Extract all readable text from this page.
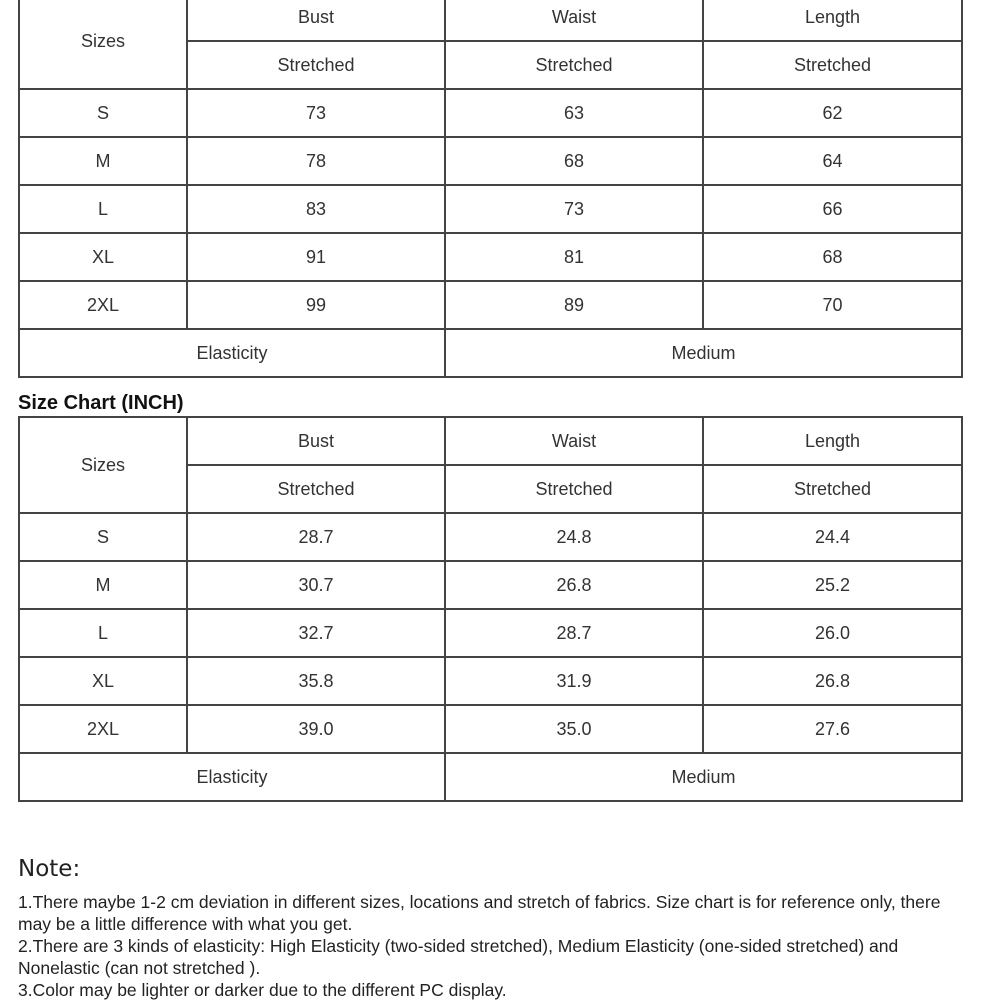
Sizes	Bust	Waist	Length
	Stretched	Stretched	Stretched
S	73	63	62
M	78	68	64
L	83	73	66
XL	91	81	68
2XL	99	89	70
Elasticity		Medium	
Size Chart (INCH)
Sizes	Bust	Waist	Length
	Stretched	Stretched	Stretched
S	28.7	24.8	24.4
M	30.7	26.8	25.2
L	32.7	28.7	26.0
XL	35.8	31.9	26.8
2XL	39.0	35.0	27.6
Elasticity		Medium	
Note:

1.There maybe 1-2 cm deviation in different sizes, locations and stretch of fabrics. Size chart is for reference only, there may be a little difference with what you get.

2.There are 3 kinds of elasticity: High Elasticity (two-sided stretched), Medium Elasticity (one-sided stretched) and Nonelastic (can not stretched ).

3.Color may be lighter or darker due to the different PC display.
